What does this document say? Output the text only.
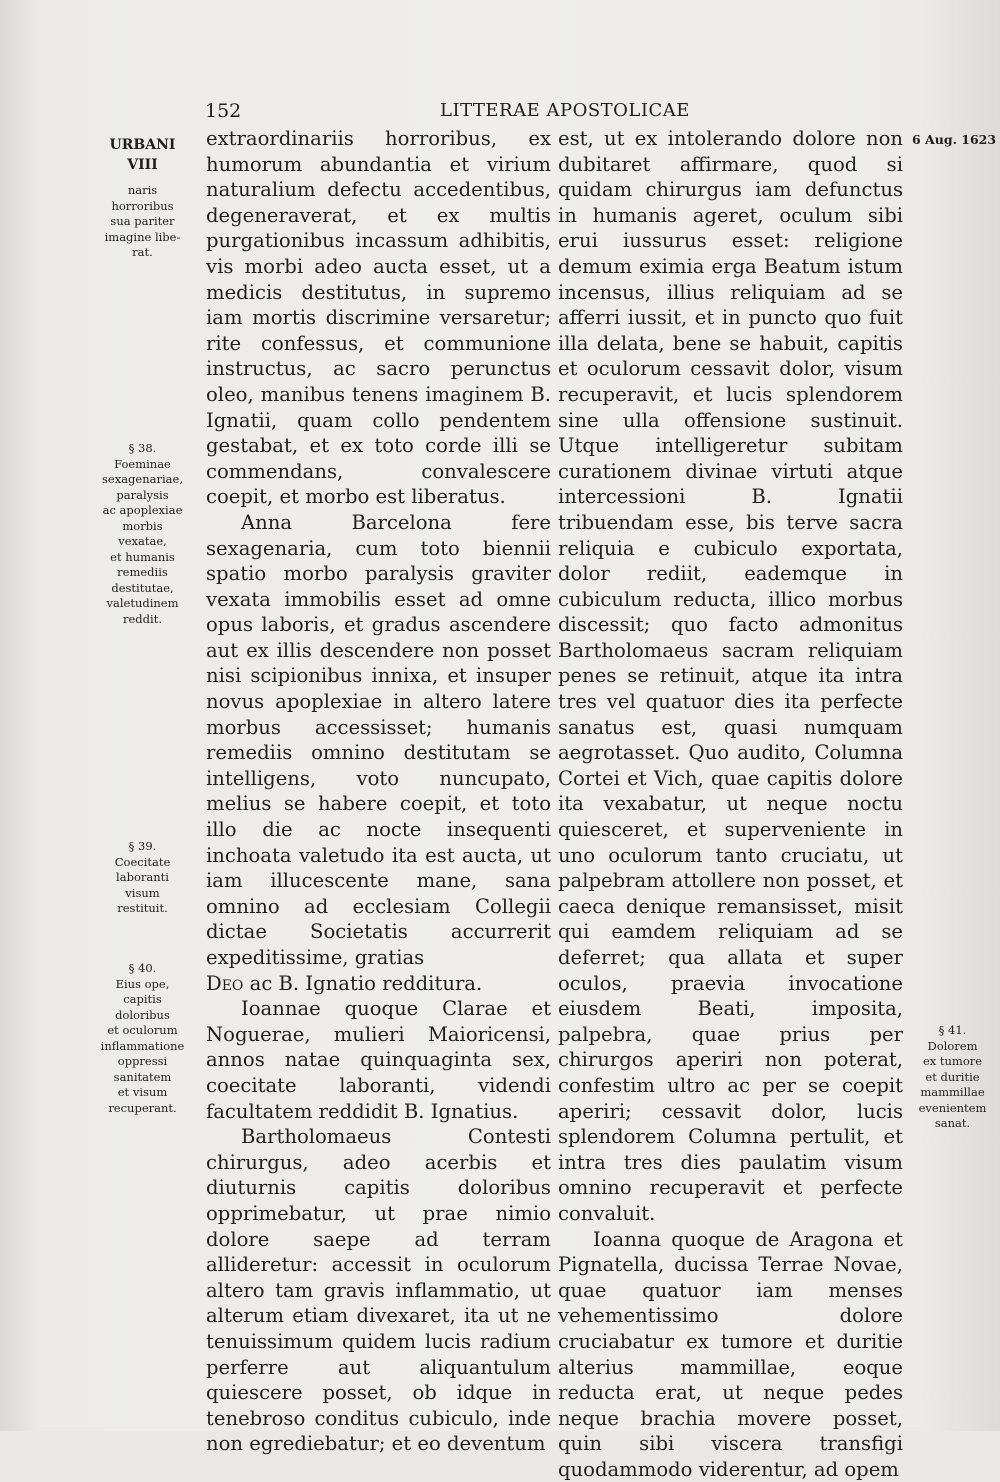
152	LITTERAE APOSTOLICAE
URBANI
VIII
naris
horroribus
sua pariter
imagine libe-
rat.
§ 38.
Foeminae
sexagenariae,
paralysis
ac apoplexiae
morbis
vexatae,
et humanis
remediis
destitutae,
valetudinem
reddit.
§ 39.
Coecitate
laboranti
visum
restituit.
§ 40.
Eius ope,
capitis
doloribus
et oculorum
inflammatione
oppressi
sanitatem
et visum
recuperant.
6 Aug. 1623
§ 41.
Dolorem
ex tumore
et duritie
mammillae
evenientem
sanat.

extraordinariis horroribus, ex humorum abundantia et virium naturalium defectu accedentibus, degeneraverat, et ex multis purgationibus incassum adhibitis, vis morbi adeo aucta esset, ut a medicis destitutus, in supremo iam mortis discrimine versaretur; rite confessus, et communione instructus, ac sacro perunctus oleo, manibus tenens imaginem B. Ignatii, quam collo pendentem gestabat, et ex toto corde illi se commendans, convalescere coepit, et morbo est liberatus.

Anna Barcelona fere sexagenaria, cum toto biennii spatio morbo paralysis graviter vexata immobilis esset ad omne opus laboris, et gradus ascendere aut ex illis descendere non posset nisi scipionibus innixa, et insuper novus apoplexiae in altero latere morbus accessisset; humanis remediis omnino destitutam se intelligens, voto nuncupato, melius se habere coepit, et toto illo die ac nocte insequenti inchoata valetudo ita est aucta, ut iam illucescente mane, sana omnino ad ecclesiam Collegii dictae Societatis accurrerit expeditissime, gratias

Deo ac B. Ignatio redditura.

Ioannae quoque Clarae et Noguerae, mulieri Maioricensi, annos natae quinquaginta sex, coecitate laboranti, videndi facultatem reddidit B. Ignatius.

Bartholomaeus Contesti chirurgus, adeo acerbis et diuturnis capitis doloribus opprimebatur, ut prae nimio dolore saepe ad terram allideretur: accessit in oculorum altero tam gravis inflammatio, ut alterum etiam divexaret, ita ut ne tenuissimum quidem lucis radium perferre aut aliquantulum quiescere posset, ob idque in tenebroso conditus cubiculo, inde non egrediebatur; et eo deventum

est, ut ex intolerando dolore non dubitaret affirmare, quod si quidam chirurgus iam defunctus in humanis ageret, oculum sibi erui iussurus esset: religione demum eximia erga Beatum istum incensus, illius reliquiam ad se afferri iussit, et in puncto quo fuit illa delata, bene se habuit, capitis et oculorum cessavit dolor, visum recuperavit, et lucis splendorem sine ulla offensione sustinuit. Utque intelligeretur subitam curationem divinae virtuti atque intercessioni B. Ignatii tribuendam esse, bis terve sacra reliquia e cubiculo exportata, dolor rediit, eademque in cubiculum reducta, illico morbus discessit; quo facto admonitus Bartholomaeus sacram reliquiam penes se retinuit, atque ita intra tres vel quatuor dies ita perfecte sanatus est, quasi numquam aegrotasset. Quo audito, Columna Cortei et Vich, quae capitis dolore ita vexabatur, ut neque noctu quiesceret, et superveniente in uno oculorum tanto cruciatu, ut palpebram attollere non posset, et caeca denique remansisset, misit qui eamdem reliquiam ad se deferret; qua allata et super oculos, praevia invocatione eiusdem Beati, imposita, palpebra, quae prius per chirurgos aperiri non poterat, confestim ultro ac per se coepit aperiri; cessavit dolor, lucis splendorem Columna pertulit, et intra tres dies paulatim visum omnino recuperavit et perfecte convaluit.

Ioanna quoque de Aragona et Pignatella, ducissa Terrae Novae, quae quatuor iam menses vehementissimo dolore cruciabatur ex tumore et duritie alterius mammillae, eoque reducta erat, ut neque pedes neque brachia movere posset, quin sibi viscera transfigi quodammodo viderentur, ad opem
